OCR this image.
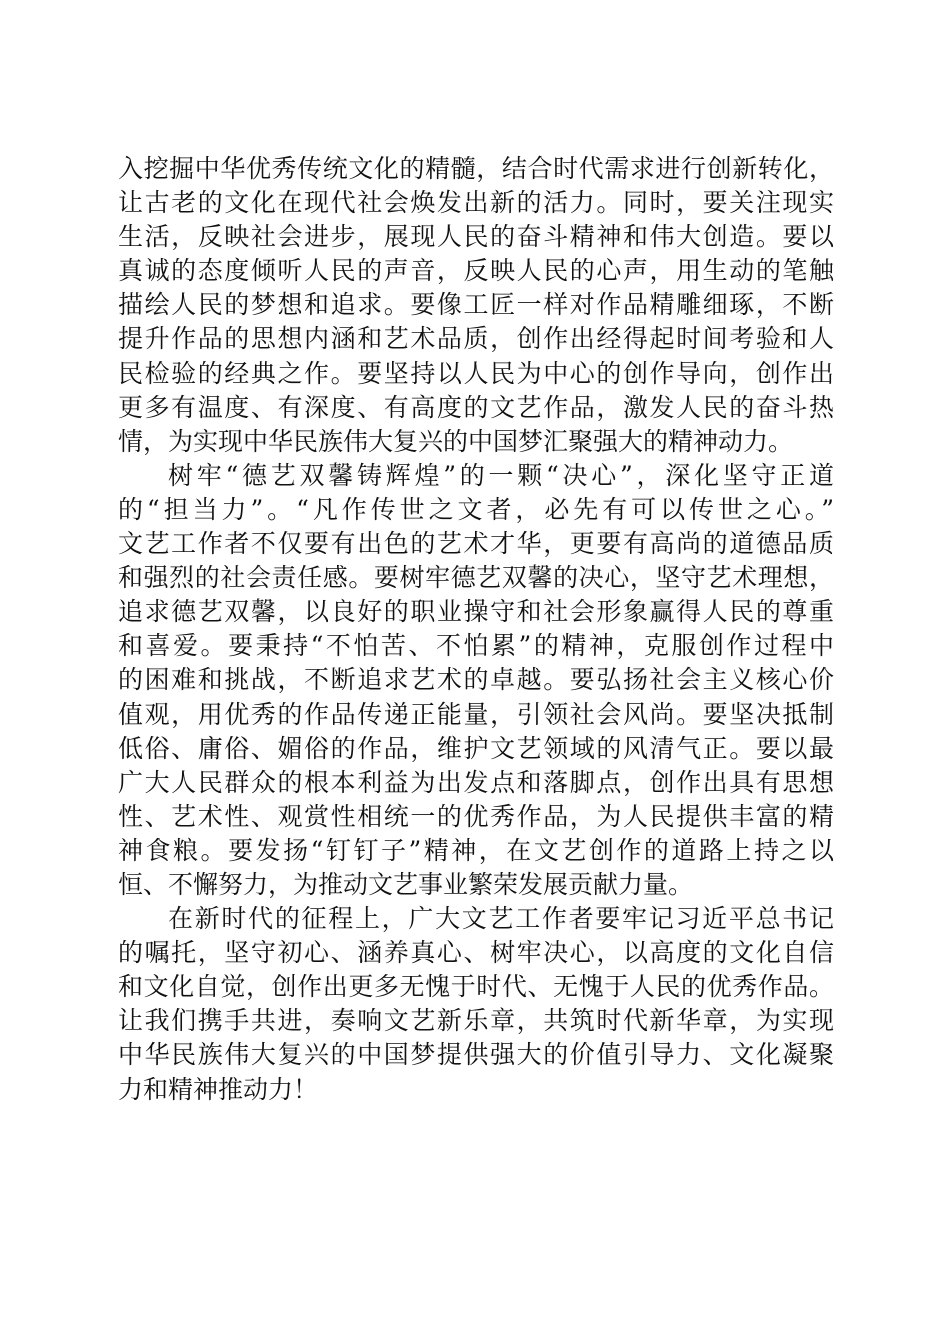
入挖掘中华优秀传统文化的精髓，结合时代需求进行创新转化，
让古老的文化在现代社会焕发出新的活力。同时，要关注现实
生活，反映社会进步，展现人民的奋斗精神和伟大创造。要以
真诚的态度倾听人民的声音，反映人民的心声，用生动的笔触
描绘人民的梦想和追求。要像工匠一样对作品精雕细琢，不断
提升作品的思想内涵和艺术品质，创作出经得起时间考验和人
民检验的经典之作。要坚持以人民为中心的创作导向，创作出
更多有温度、有深度、有高度的文艺作品，激发人民的奋斗热
情，为实现中华民族伟大复兴的中国梦汇聚强大的精神动力。
树牢“德艺双馨铸辉煌”的一颗“决心”，深化坚守正道
的“担当力”。“凡作传世之文者，必先有可以传世之心。”
文艺工作者不仅要有出色的艺术才华，更要有高尚的道德品质
和强烈的社会责任感。要树牢德艺双馨的决心，坚守艺术理想，
追求德艺双馨，以良好的职业操守和社会形象赢得人民的尊重
和喜爱。要秉持“不怕苦、不怕累”的精神，克服创作过程中
的困难和挑战，不断追求艺术的卓越。要弘扬社会主义核心价
值观，用优秀的作品传递正能量，引领社会风尚。要坚决抵制
低俗、庸俗、媚俗的作品，维护文艺领域的风清气正。要以最
广大人民群众的根本利益为出发点和落脚点，创作出具有思想
性、艺术性、观赏性相统一的优秀作品，为人民提供丰富的精
神食粮。要发扬“钉钉子”精神，在文艺创作的道路上持之以
恒、不懈努力，为推动文艺事业繁荣发展贡献力量。
在新时代的征程上，广大文艺工作者要牢记习近平总书记
的嘱托，坚守初心、涵养真心、树牢决心，以高度的文化自信
和文化自觉，创作出更多无愧于时代、无愧于人民的优秀作品。
让我们携手共进，奏响文艺新乐章，共筑时代新华章，为实现
中华民族伟大复兴的中国梦提供强大的价值引导力、文化凝聚
力和精神推动力！
